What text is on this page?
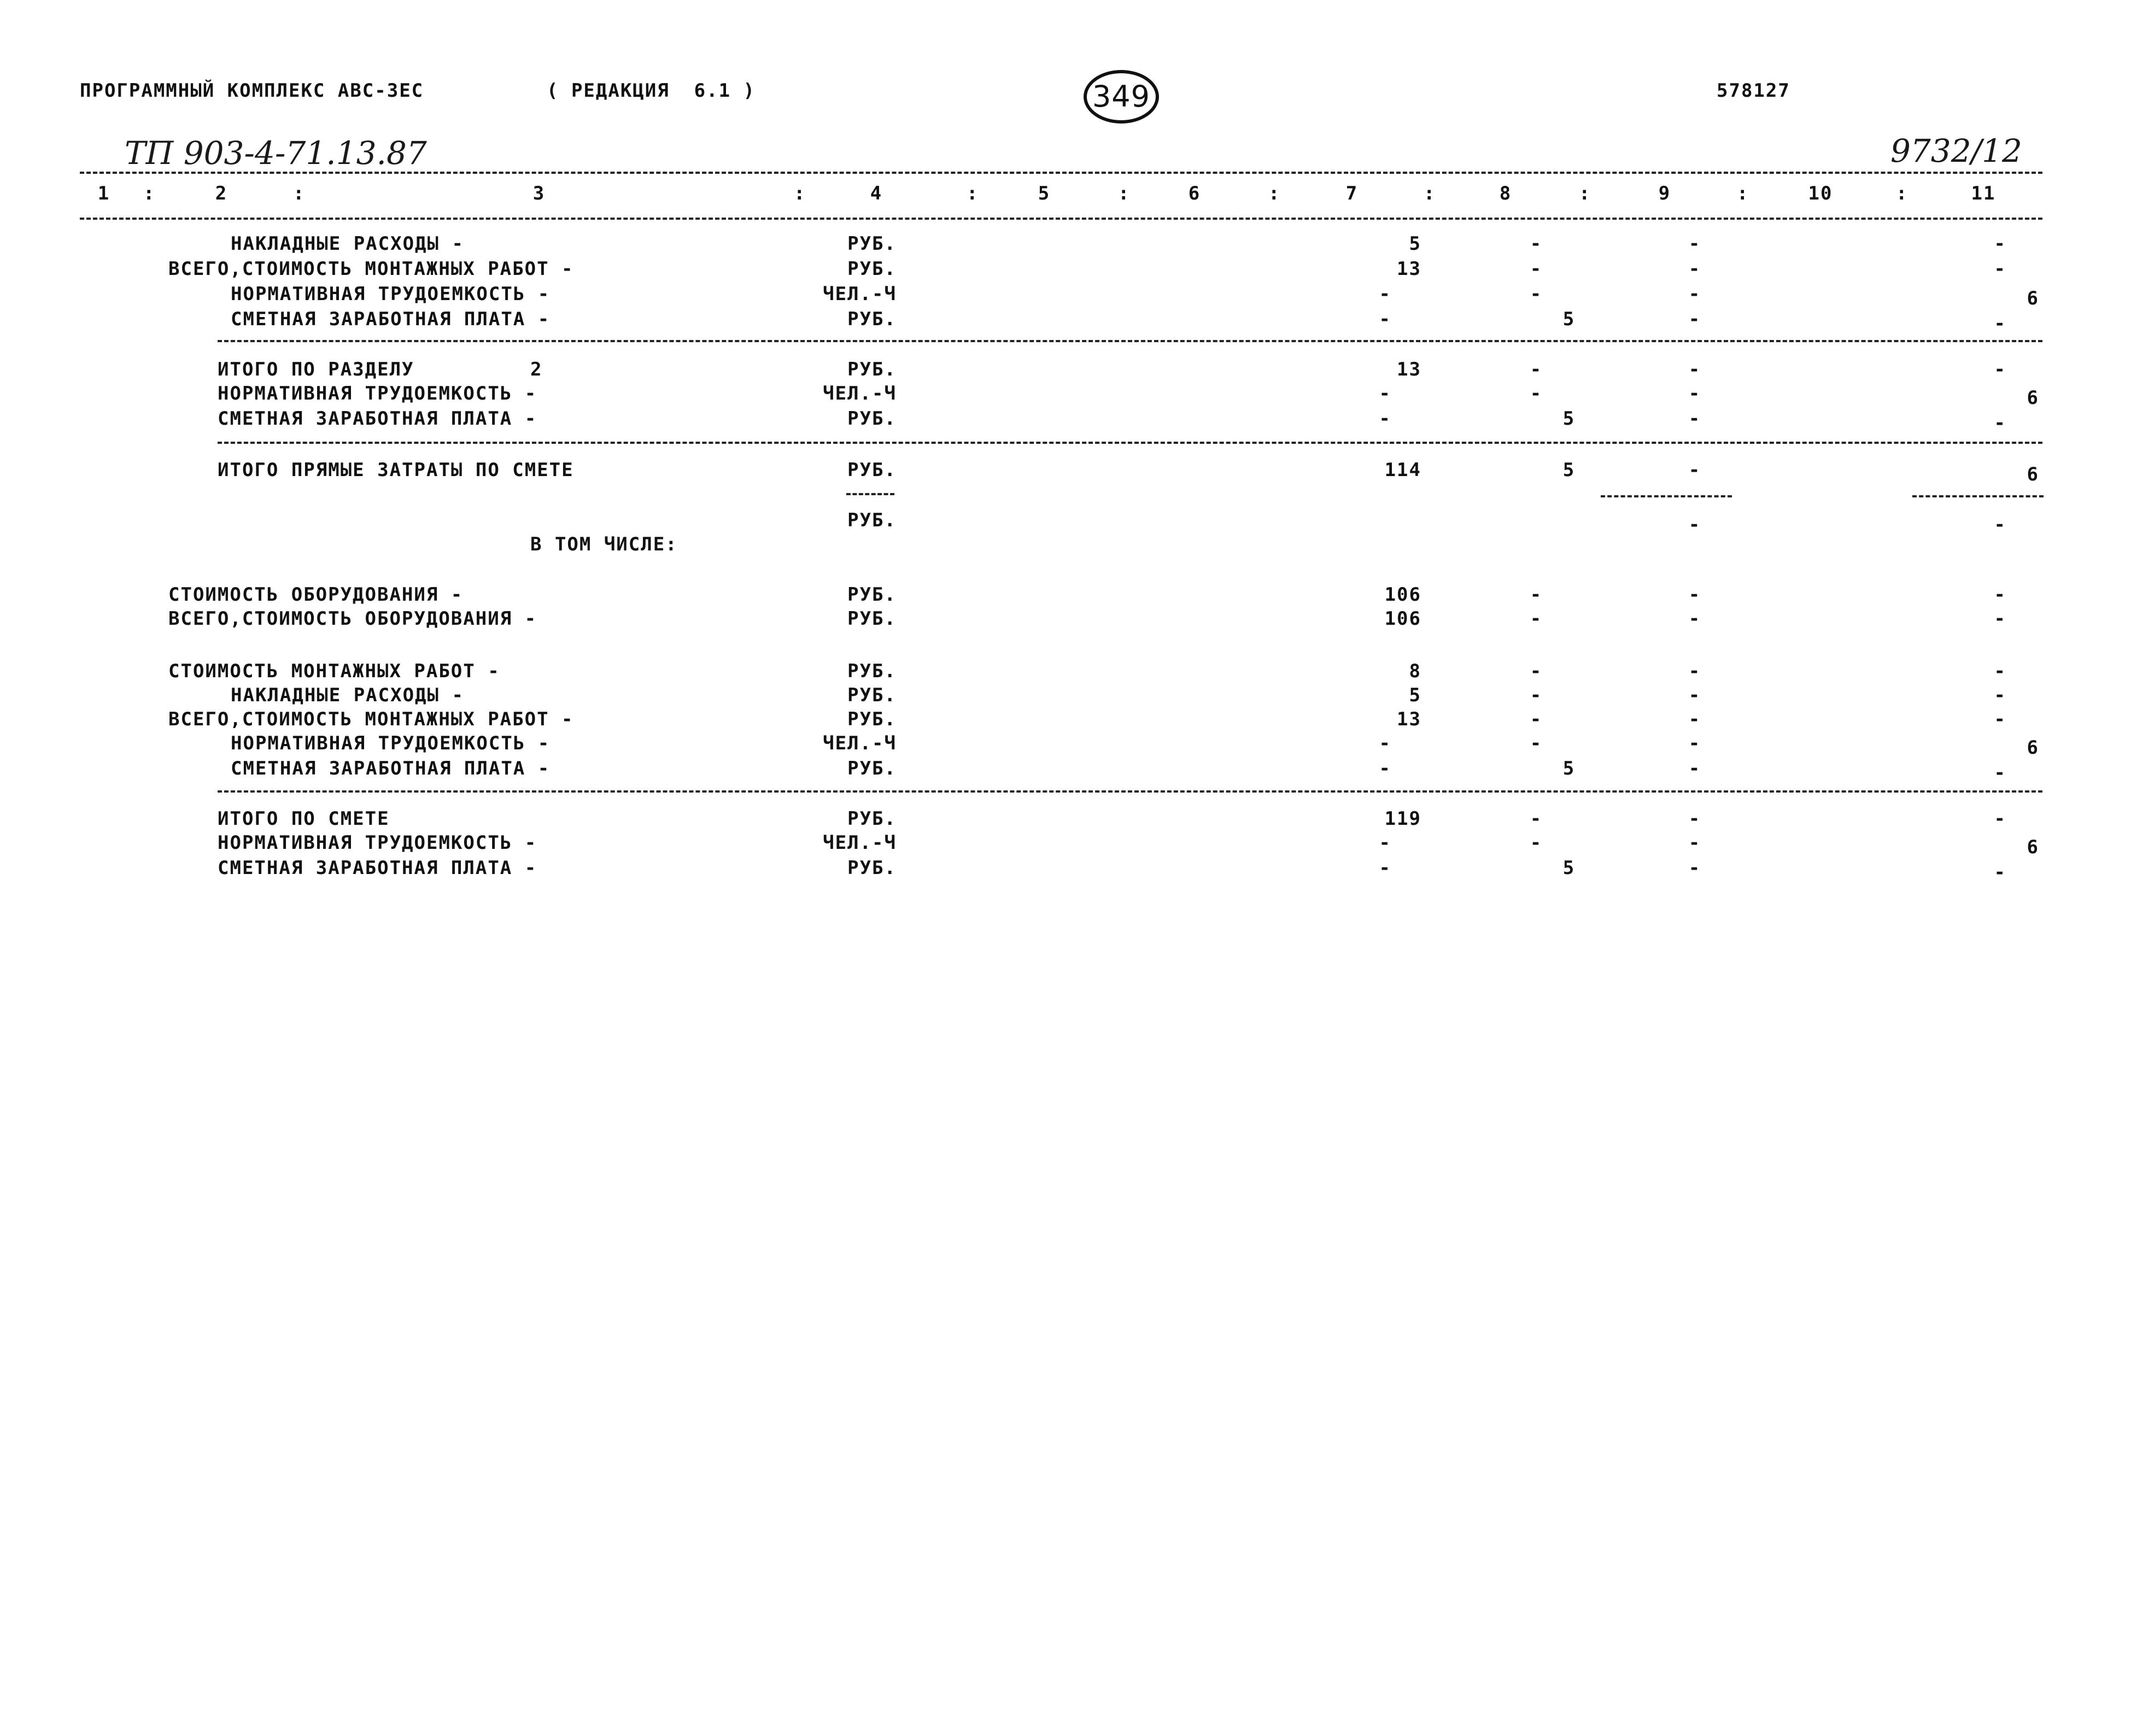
ПРОГРАММНЫЙ КОМПЛЕКС АВС-ЗЕС	( РЕДАКЦИЯ  6.1 )	349	578127
ТП 903-4-71.13.87	9732/12
1	2	3	4	5	6	7	8	9	10	11
:	:	:	:	:	:	:	:	:	:
НАКЛАДНЫЕ РАСХОДЫ -	РУБ.	5	-	-	-
ВСЕГО,СТОИМОСТЬ МОНТАЖНЫХ РАБОТ -	РУБ.	13	-	-	-
НОРМАТИВНАЯ ТРУДОЕМКОСТЬ -	ЧЕЛ.-Ч	-	-	-	6
СМЕТНАЯ ЗАРАБОТНАЯ ПЛАТА -	РУБ.	-	5	-	-
ИТОГО ПО РАЗДЕЛУ	2	РУБ.	13	-	-	-
НОРМАТИВНАЯ ТРУДОЕМКОСТЬ -	ЧЕЛ.-Ч	-	-	-	6
СМЕТНАЯ ЗАРАБОТНАЯ ПЛАТА -	РУБ.	-	5	-	-
ИТОГО ПРЯМЫЕ ЗАТРАТЫ ПО СМЕТЕ	РУБ.	114	5	-	6
РУБ.	-	-
В ТОМ ЧИСЛЕ:
СТОИМОСТЬ ОБОРУДОВАНИЯ -	РУБ.	106	-	-	-
ВСЕГО,СТОИМОСТЬ ОБОРУДОВАНИЯ -	РУБ.	106	-	-	-
СТОИМОСТЬ МОНТАЖНЫХ РАБОТ -	РУБ.	8	-	-	-
НАКЛАДНЫЕ РАСХОДЫ -	РУБ.	5	-	-	-
ВСЕГО,СТОИМОСТЬ МОНТАЖНЫХ РАБОТ -	РУБ.	13	-	-	-
НОРМАТИВНАЯ ТРУДОЕМКОСТЬ -	ЧЕЛ.-Ч	-	-	-	6
СМЕТНАЯ ЗАРАБОТНАЯ ПЛАТА -	РУБ.	-	5	-	-
ИТОГО ПО СМЕТЕ	РУБ.	119	-	-	-
НОРМАТИВНАЯ ТРУДОЕМКОСТЬ -	ЧЕЛ.-Ч	-	-	-	6
СМЕТНАЯ ЗАРАБОТНАЯ ПЛАТА -	РУБ.	-	5	-	-
